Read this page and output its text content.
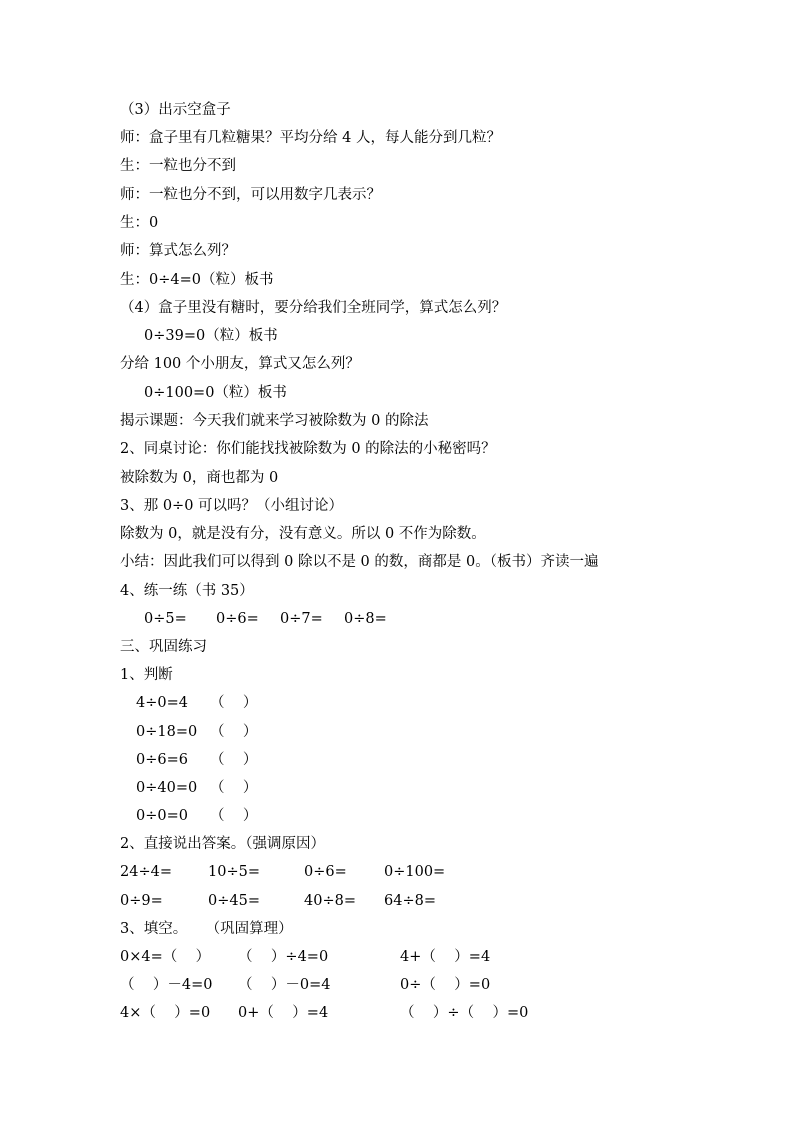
（3）出示空盒子
师：盒子里有几粒糖果？平均分给 4 人，每人能分到几粒？
生：一粒也分不到
师：一粒也分不到，可以用数字几表示？
生：0
师：算式怎么列？
生：0÷4=0（粒）板书
（4）盒子里没有糖时，要分给我们全班同学，算式怎么列？
0÷39=0（粒）板书
分给 100 个小朋友，算式又怎么列？
0÷100=0（粒）板书
揭示课题：今天我们就来学习被除数为 0 的除法
2、同桌讨论：你们能找找被除数为 0 的除法的小秘密吗？
被除数为 0，商也都为 0
3、那 0÷0 可以吗？（小组讨论）
除数为 0，就是没有分，没有意义。所以 0 不作为除数。
小结：因此我们可以得到 0 除以不是 0 的数，商都是 0。（板书）齐读一遍
4、练一练（书 35）
0÷5= 0÷6= 0÷7= 0÷8=
三、巩固练习
1、判断
4÷0=4 （    ）
0÷18=0 （    ）
0÷6=6 （    ）
0÷40=0 （    ）
0÷0=0 （    ）
2、直接说出答案。（强调原因）
24÷4= 10÷5=	0÷6=	0÷100=
0÷9=	0÷45=	40÷8= 64÷8=
3、填空。    （巩固算理）
0×4=（    ） （    ）÷4=0	4+（    ）=4
（    ）－4=0 （    ）－0=4	0÷（    ）=0
4×（    ）=0 0+（    ）=4	（    ）÷（    ）=0
